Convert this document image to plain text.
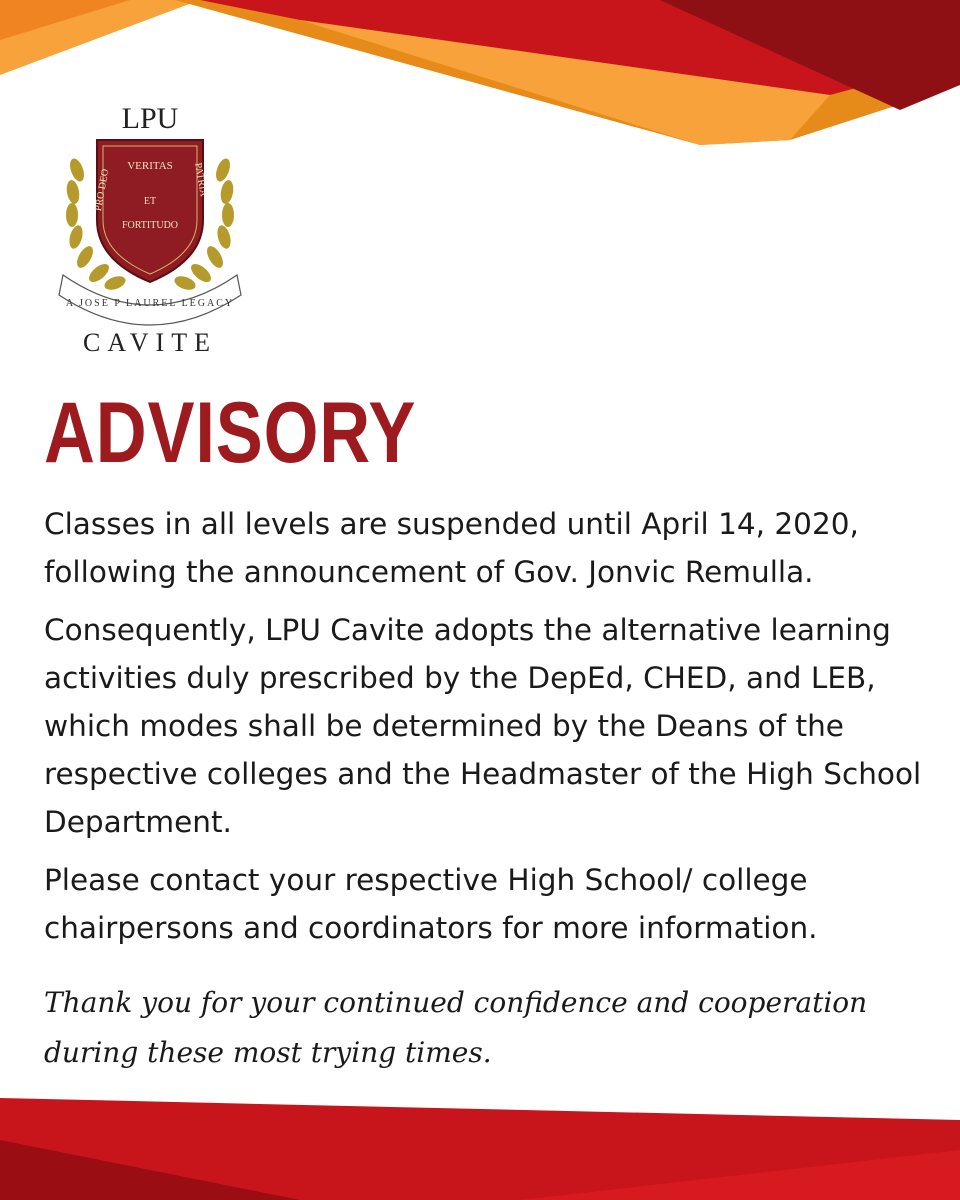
LPU
VERITAS
PRO DEO	ET
PATRIA
FORTITUDO
A JOSE P LAUREL LEGACY
CAVITE
ADVISORY

Classes in all levels are suspended until April 14, 2020, following the announcement of Gov. Jonvic Remulla.

Consequently, LPU Cavite adopts the alternative learning activities duly prescribed by the DepEd, CHED, and LEB, which modes shall be determined by the Deans of the respective colleges and the Headmaster of the High School Department.

Please contact your respective High School/ college chairpersons and coordinators for more information.

Thank you for your continued confidence and cooperation during these most trying times.
